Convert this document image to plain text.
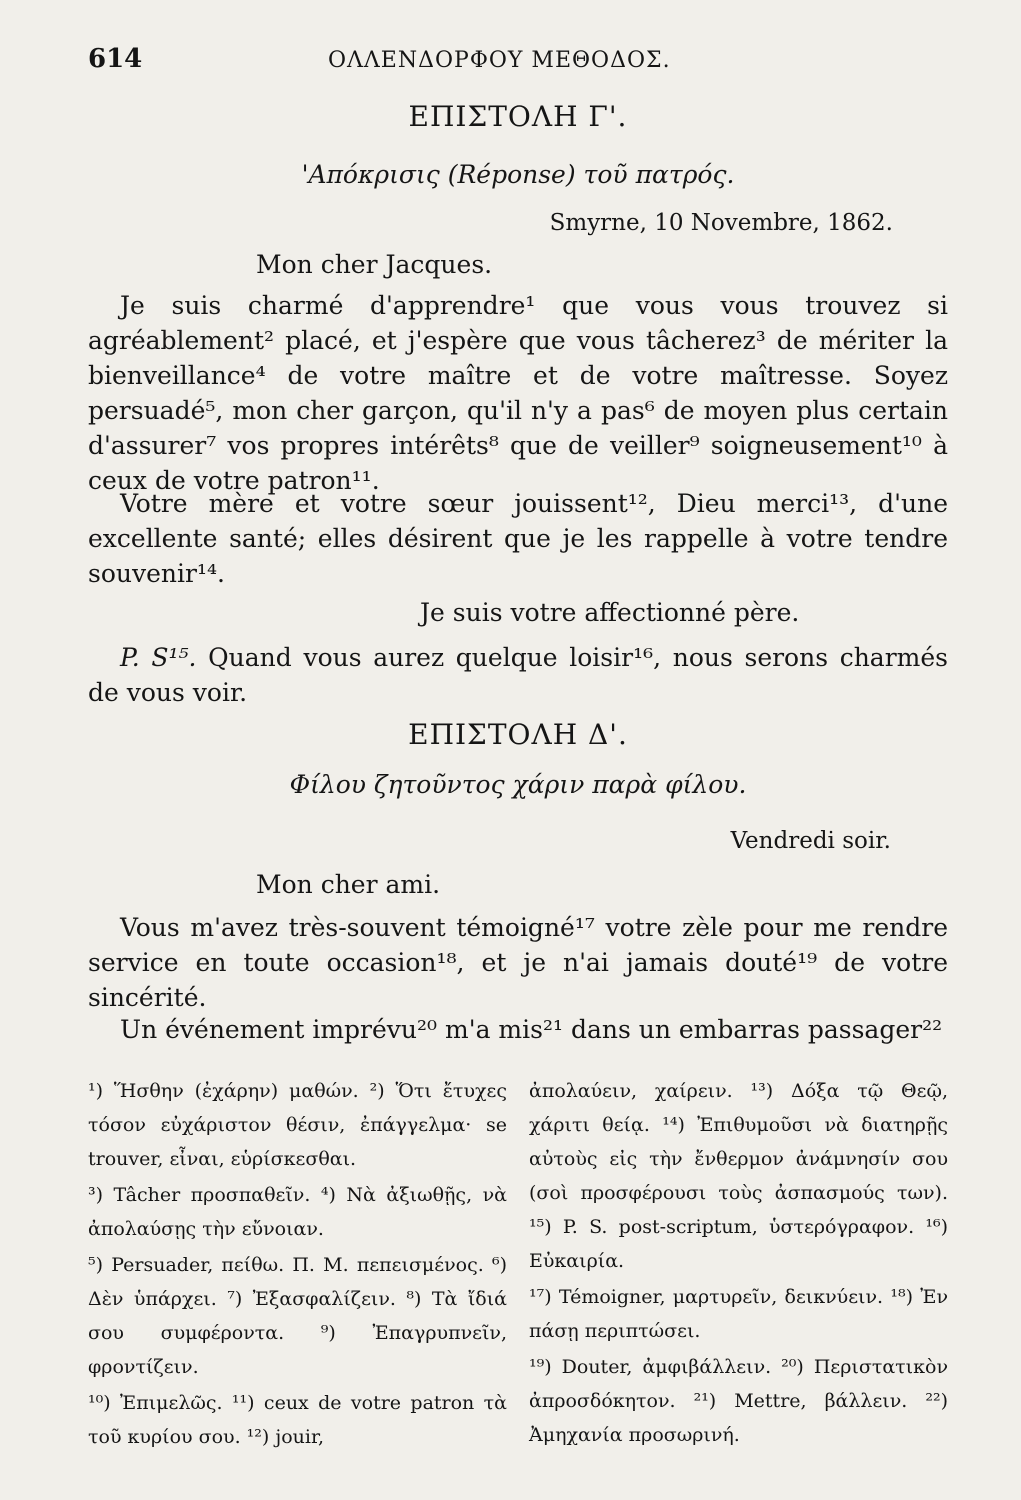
614	ΟΛΛΕΝΔΟΡΦΟΥ ΜΕΘΟΔΟΣ.
ΕΠΙΣΤΟΛΗ Γ'.
'Απόκρισις (Réponse) τοῦ πατρός.
Smyrne, 10 Novembre, 1862.
Mon cher Jacques.
Je suis charmé d'apprendre¹ que vous vous trouvez si agréablement² placé, et j'espère que vous tâcherez³ de mériter la bienveillance⁴ de votre maître et de votre maîtresse. Soyez persuadé⁵, mon cher garçon, qu'il n'y a pas⁶ de moyen plus certain d'assurer⁷ vos propres intérêts⁸ que de veiller⁹ soigneusement¹⁰ à ceux de votre patron¹¹.
Votre mère et votre sœur jouissent¹², Dieu merci¹³, d'une excellente santé; elles désirent que je les rappelle à votre tendre souvenir¹⁴.
Je suis votre affectionné père.
P. S¹⁵. Quand vous aurez quelque loisir¹⁶, nous serons charmés de vous voir.
ΕΠΙΣΤΟΛΗ Δ'.
Φίλου ζητοῦντος χάριν παρὰ φίλου.
Vendredi soir.
Mon cher ami.
Vous m'avez très-souvent témoigné¹⁷ votre zèle pour me rendre service en toute occasion¹⁸, et je n'ai jamais douté¹⁹ de votre sincérité.
Un événement imprévu²⁰ m'a mis²¹ dans un embarras passager²²

¹) Ἥσθην (ἐχάρην) μαθών. ²) Ὅτι ἔτυχες τόσον εὐχάριστον θέσιν, ἐπάγγελμα· se trouver, εἶναι, εὑρίσκεσθαι.

³) Tâcher προσπαθεῖν. ⁴) Νὰ ἀξιωθῇς, νὰ ἀπολαύσῃς τὴν εὔνοιαν.

⁵) Persuader, πείθω. Π. Μ. πεπεισμένος. ⁶) Δὲν ὑπάρχει. ⁷) Ἐξασφαλίζειν. ⁸) Τὰ ἴδιά σου συμφέροντα. ⁹) Ἐπαγρυπνεῖν, φροντίζειν.

¹⁰) Ἐπιμελῶς. ¹¹) ceux de votre patron τὰ τοῦ κυρίου σου. ¹²) jouir,

ἀπολαύειν, χαίρειν. ¹³) Δόξα τῷ Θεῷ, χάριτι θείᾳ. ¹⁴) Ἐπιθυμοῦσι νὰ διατηρῇς αὐτοὺς εἰς τὴν ἔνθερμον ἀνάμνησίν σου (σοὶ προσφέρουσι τοὺς ἀσπασμούς των). ¹⁵) P. S. post-scriptum, ὑστερόγραφον. ¹⁶) Εὐκαιρία.

¹⁷) Témoigner, μαρτυρεῖν, δεικνύειν. ¹⁸) Ἐν πάσῃ περιπτώσει.

¹⁹) Douter, ἀμφιβάλλειν. ²⁰) Περιστατικὸν ἀπροσδόκητον. ²¹) Mettre, βάλλειν. ²²) Ἀμηχανία προσωρινή.
